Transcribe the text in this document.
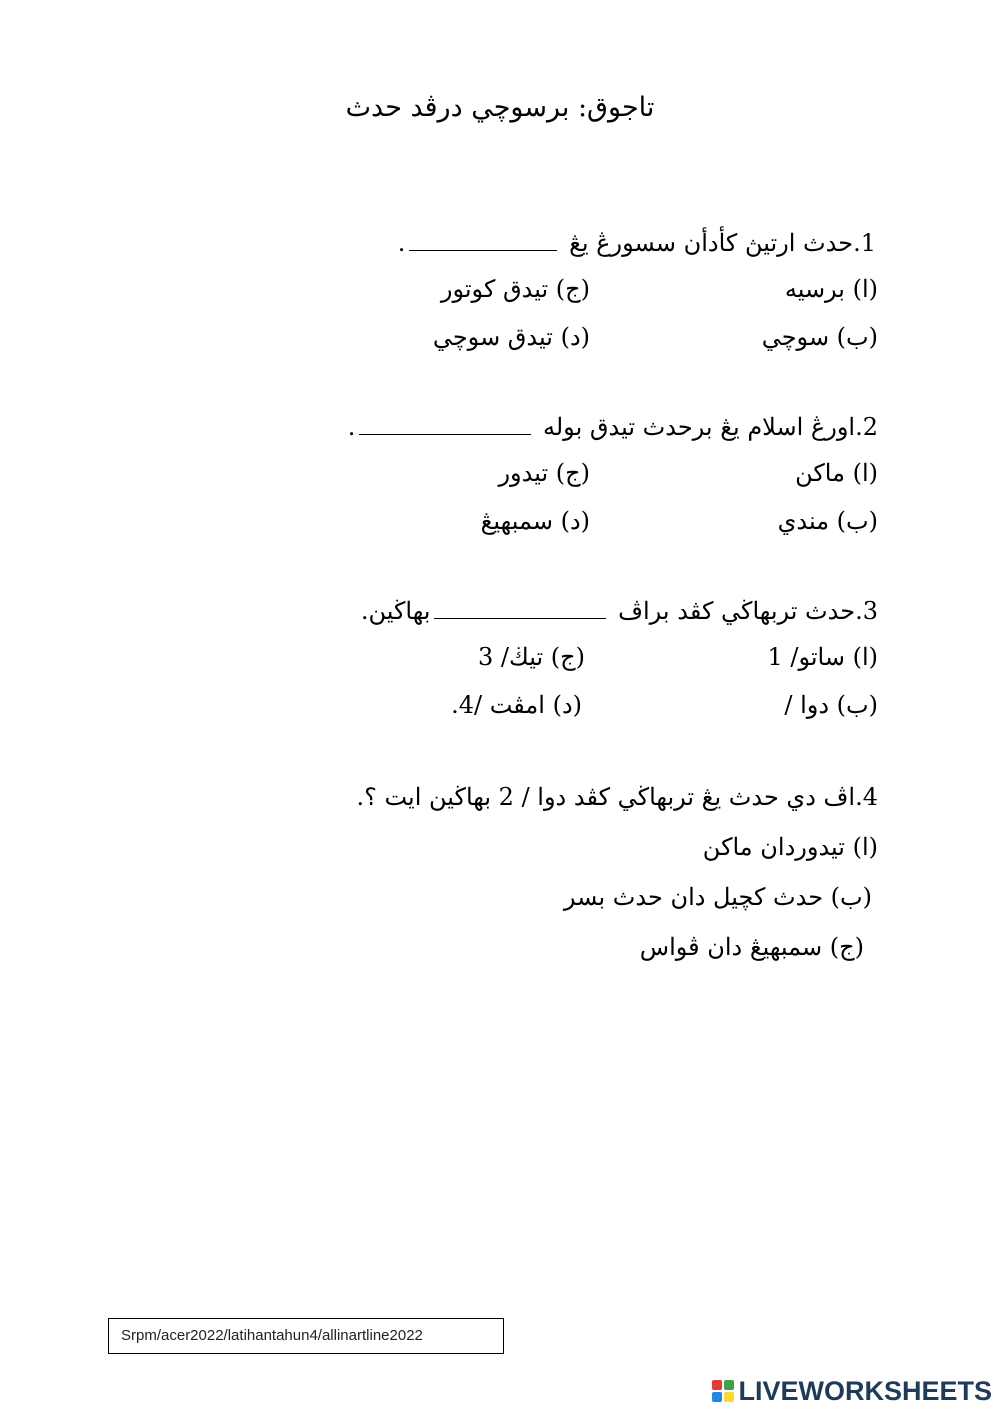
تاجوق: برسوچي درڤد حدث
1.حدث ارتيڽ كأدأن سسورڠ يڠ .
(ا) برسيه
(ج) تيدق كوتور
(ب) سوچي
(د) تيدق سوچي
2.اورڠ اسلام يڠ برحدث تيدق بوله .
(ا) ماكن
(ج) تيدور
(ب) مندي
(د) سمبهيڠ
3.حدث تربهاڬي كڤد براڤ بهاڬين.
(ا) ساتو/ 1
(ج) تيڬ/ 3
(ب) دوا /
(د) امڤت /4.
4.اڤ دي حدث يڠ تربهاڬي كڤد دوا / 2 بهاڬين ايت ؟.
(ا) تيدوردان ماكن
(ب) حدث كچيل دان حدث بسر
(ج) سمبهيڠ دان ڤواس
Srpm/acer2022/latihantahun4/allinartline2022
LIVEWORKSHEETS
